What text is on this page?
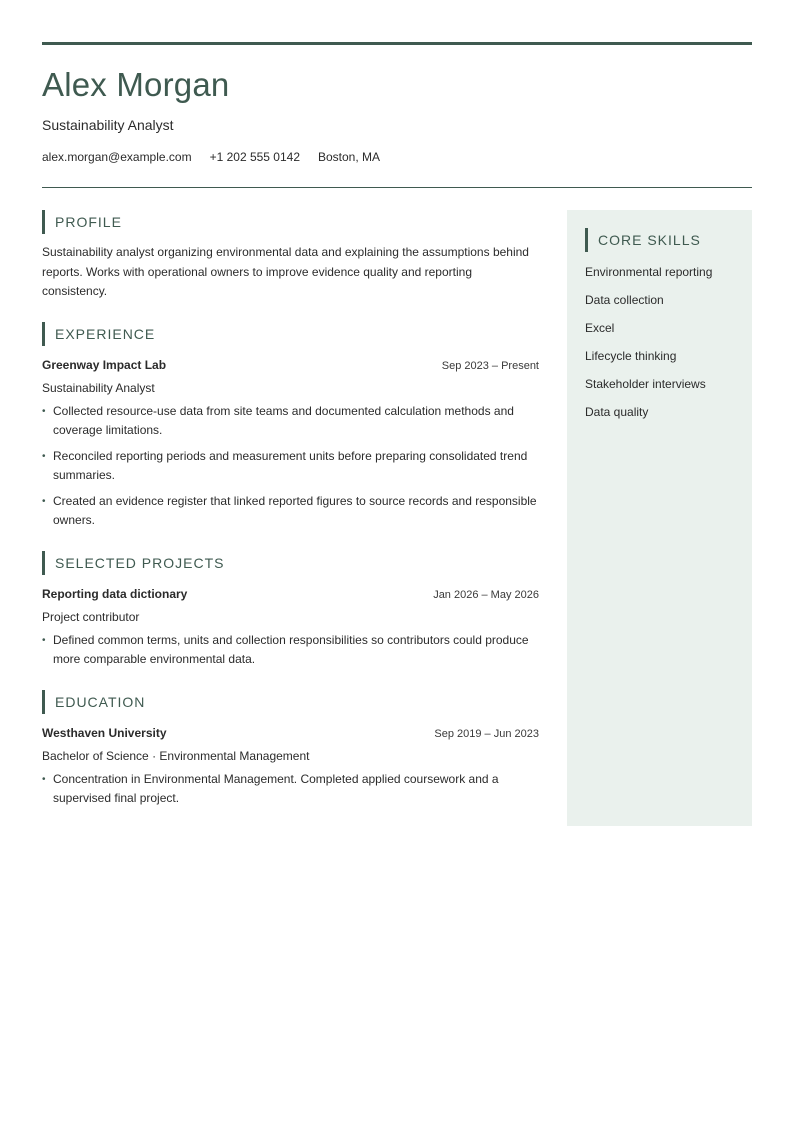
Alex Morgan
Sustainability Analyst
alex.morgan@example.com +1 202 555 0142 Boston, MA
PROFILE
Sustainability analyst organizing environmental data and explaining the assumptions behind reports. Works with operational owners to improve evidence quality and reporting consistency.
EXPERIENCE
Greenway Impact Lab	Sep 2023 – Present
Sustainability Analyst
• Collected resource-use data from site teams and documented calculation methods and coverage limitations.
• Reconciled reporting periods and measurement units before preparing consolidated trend summaries.
• Created an evidence register that linked reported figures to source records and responsible owners.
SELECTED PROJECTS
Reporting data dictionary	Jan 2026 – May 2026
Project contributor
• Defined common terms, units and collection responsibilities so contributors could produce more comparable environmental data.
EDUCATION
Westhaven University	Sep 2019 – Jun 2023
Bachelor of Science · Environmental Management
• Concentration in Environmental Management. Completed applied coursework and a supervised final project.
CORE SKILLS
Environmental reporting
Data collection
Excel
Lifecycle thinking
Stakeholder interviews
Data quality
